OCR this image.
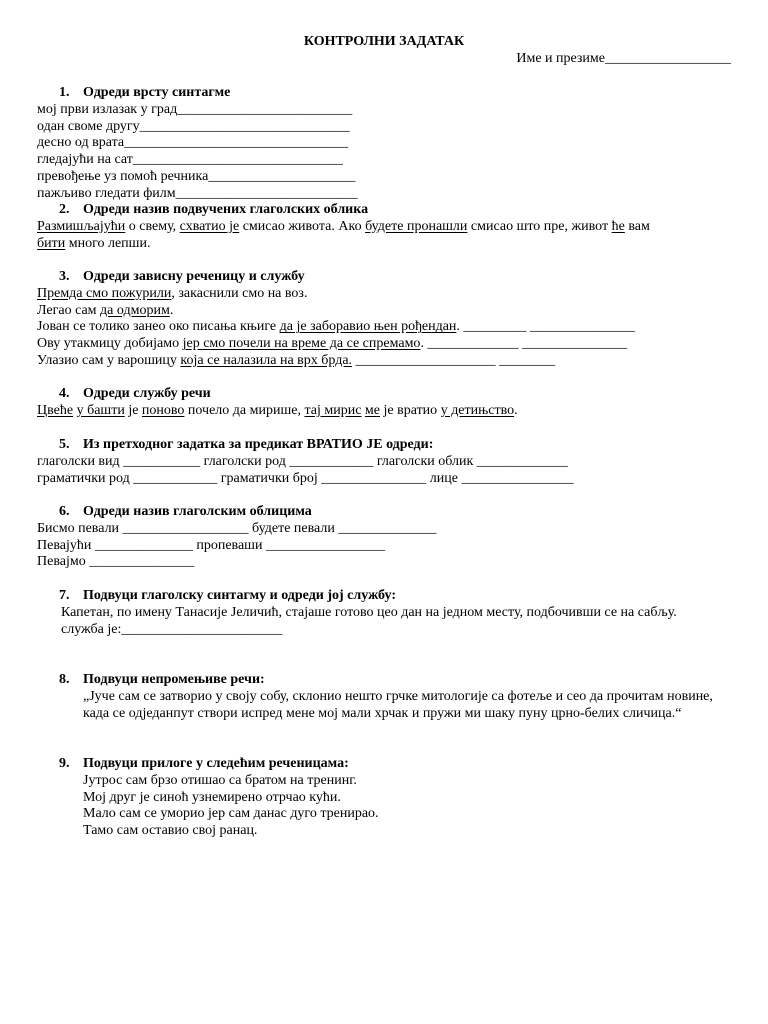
КОНТРОЛНИ ЗАДАТАК
Име и презиме__________________
1. Одреди врсту синтагме
мој први излазак у град_________________________
одан своме другу______________________________
десно од врата________________________________
гледајући на сат______________________________
превођење уз помоћ речника_____________________
пажљиво гледати филм__________________________
2. Одреди назив подвучених глаголских облика
Размишљајући о свему, схватио је смисао живота. Ако будете пронашли смисао што пре, живот ће вам
бити много лепши.
3. Одреди зависну реченицу и службу
Премда смо пожурили, закаснили смо на воз.
Легао сам да одморим.
Јован се толико занео око писања књиге да је заборавио њен рођендан. _________ _______________
Ову утакмицу добијамо јер смо почели на време да се спремамо. _____________ _______________
Улазио сам у варошицу која се налазила на врх брда. ____________________ ________
4. Одреди службу речи
Цвеће у башти је поново почело да мирише, тај мирис ме је вратио у детињство.
5. Из претходног задатка за предикат ВРАТИО ЈЕ одреди:
глаголски вид ___________ глаголски род ____________ глаголски облик _____________
граматички род ____________ граматички број _______________ лице ________________
6. Одреди назив глаголским облицима
Бисмо певали __________________ будете певали ______________
Певајући ______________ пропеваши _________________
Певајмо _______________
7. Подвуци глаголску синтагму и одреди јој службу:
Капетан, по имену Танасије Јеличић, стајаше готово цео дан на једном месту, подбочивши се на сабљу.
служба је:_______________________
8. Подвуци непромењиве речи:
„Јуче сам се затворио у своју собу, склонио нешто грчке митологије са фотеље и сео да прочитам новине, када се одједанпут створи испред мене мој мали хрчак и пружи ми шаку пуну црно-белих сличица.“
9. Подвуци прилоге у следећим реченицама:
Јутрос сам брзо отишао са братом на тренинг.
Мој друг је синоћ узнемирено отрчао кући.
Мало сам се уморио јер сам данас дуго тренирао.
Тамо сам оставио свој ранац.
